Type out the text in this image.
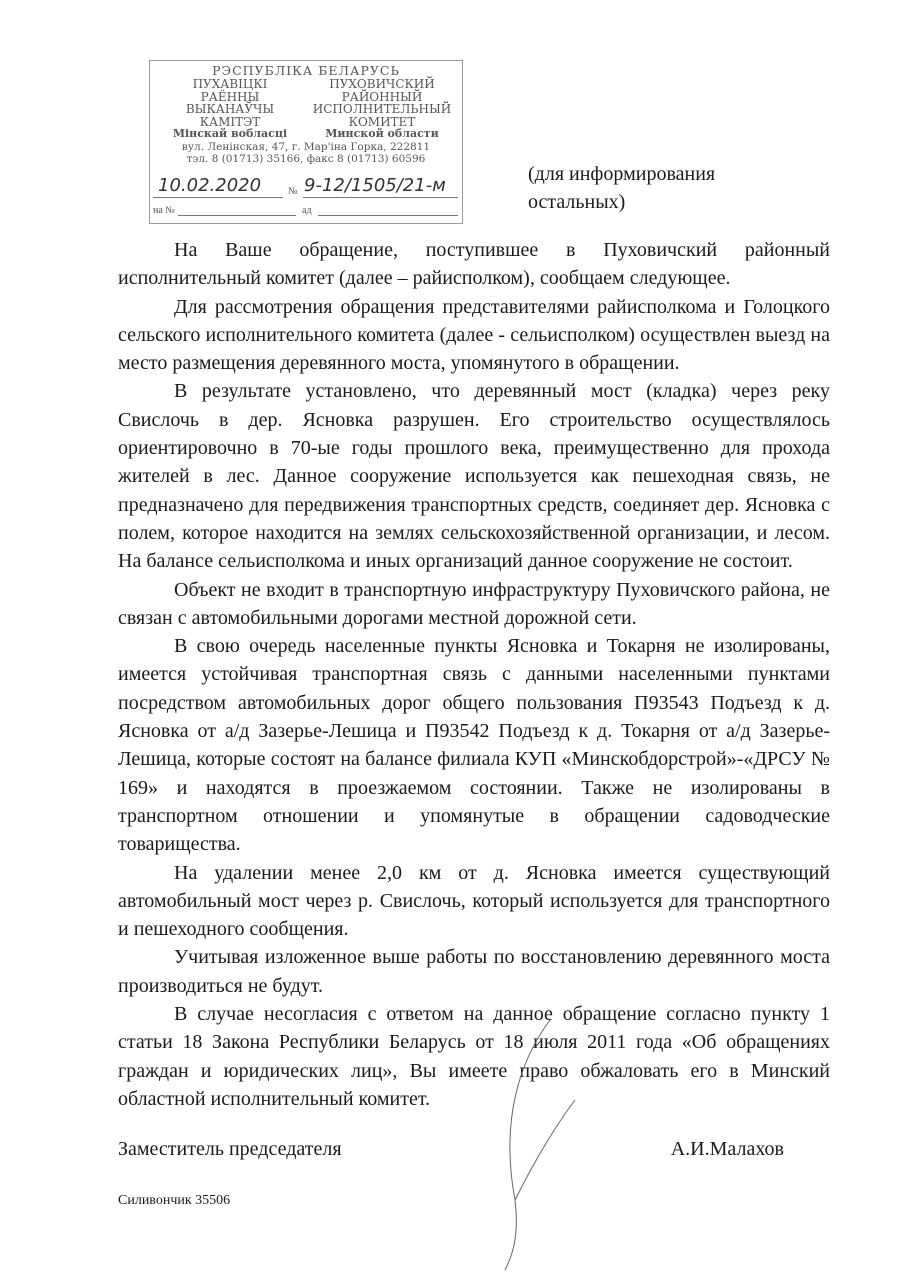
РЭСПУБЛІКА БЕЛАРУСЬ
ПУХАВІЦКІ
РАЁННЫ
ВЫКАНАЎЧЫ
КАМІТЭТ
Мінскай вобласці
ПУХОВИЧСКИЙ
РАЙОННЫЙ
ИСПОЛНИТЕЛЬНЫЙ
КОМИТЕТ
Минской области
вул. Ленінская, 47, г. Мар'іна Горка, 222811
тэл. 8 (01713) 35166, факс 8 (01713) 60596
10.02.2020	№ 9-12/1505/21-м
на №	ад
(для информирования
остальных)

На Ваше обращение, поступившее в Пуховичский районный исполнительный комитет (далее – райисполком), сообщаем следующее.

Для рассмотрения обращения представителями райисполкома и Голоцкого сельского исполнительного комитета (далее - сельисполком) осуществлен выезд на место размещения деревянного моста, упомянутого в обращении.

В результате установлено, что деревянный мост (кладка) через реку Свислочь в дер. Ясновка разрушен. Его строительство осуществлялось ориентировочно в 70-ые годы прошлого века, преимущественно для прохода жителей в лес. Данное сооружение используется как пешеходная связь, не предназначено для передвижения транспортных средств, соединяет дер. Ясновка с полем, которое находится на землях сельскохозяйственной организации, и лесом. На балансе сельисполкома и иных организаций данное сооружение не состоит.

Объект не входит в транспортную инфраструктуру Пуховичского района, не связан с автомобильными дорогами местной дорожной сети.

В свою очередь населенные пункты Ясновка и Токарня не изолированы, имеется устойчивая транспортная связь с данными населенными пунктами посредством автомобильных дорог общего пользования П93543 Подъезд к д. Ясновка от а/д Зазерье-Лешица и П93542 Подъезд к д. Токарня от а/д Зазерье-Лешица, которые состоят на балансе филиала КУП «Минскобдорстрой»-«ДРСУ № 169» и находятся в проезжаемом состоянии. Также не изолированы в транспортном отношении и упомянутые в обращении садоводческие товарищества.

На удалении менее 2,0 км от д. Ясновка имеется существующий автомобильный мост через р. Свислочь, который используется для транспортного и пешеходного сообщения.

Учитывая изложенное выше работы по восстановлению деревянного моста производиться не будут.

В случае несогласия с ответом на данное обращение согласно пункту 1 статьи 18 Закона Республики Беларусь от 18 июля 2011 года «Об обращениях граждан и юридических лиц», Вы имеете право обжаловать его в Минский областной исполнительный комитет.

Заместитель председателя	А.И.Малахов
Силивончик 35506
